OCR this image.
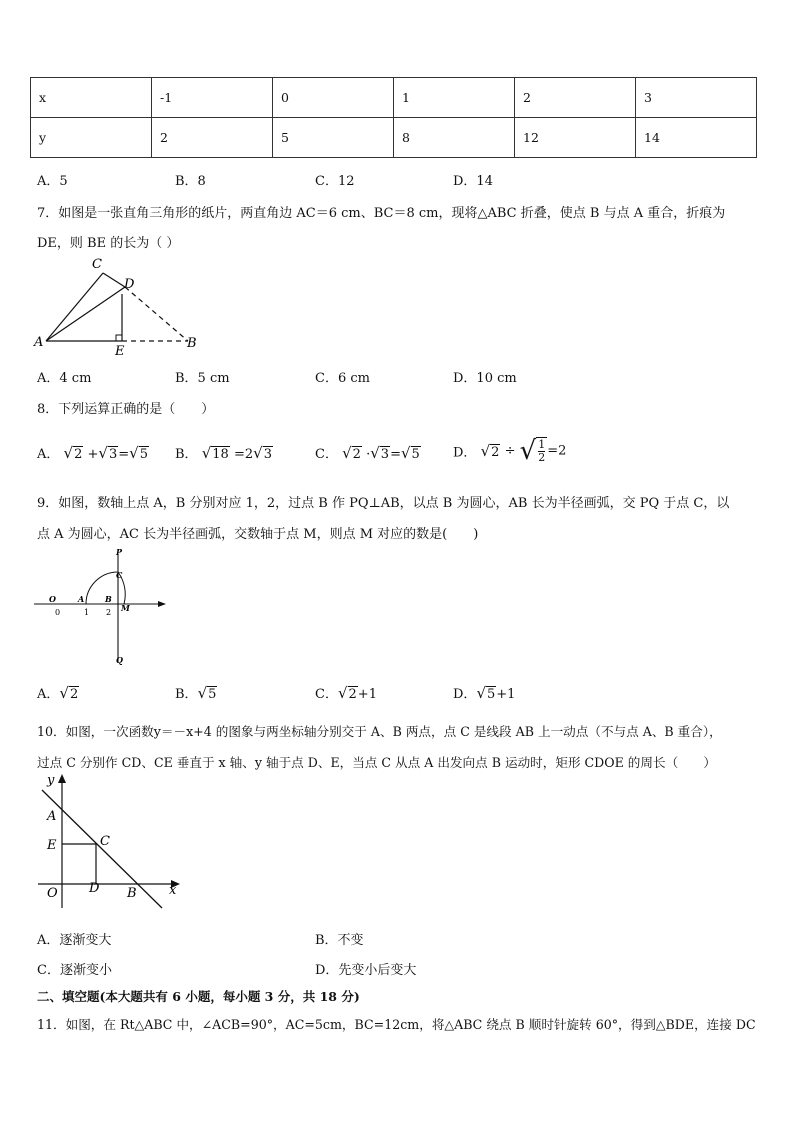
x	-1	0	1	2	3
y	2	5	8	12	14
A．5	B．8	C．12	D．14
7．如图是一张直角三角形的纸片，两直角边 AC＝6 cm、BC＝8 cm，现将△ABC 折叠，使点 B 与点 A 重合，折痕为
DE，则 BE 的长为（ ）
C
D
A
E
B
A．4 cm	B．5 cm	C．6 cm	D．10 cm
8．下列运算正确的是（　　）
A． √2 +√3=√5 B． √18 =2√3	C． √2 ·√3=√5	D． √2 ÷ √ $\frac{1}{2} =2$
9．如图，数轴上点 A，B 分别对应 1，2，过点 B 作 PQ⊥AB，以点 B 为圆心，AB 长为半径画弧，交 PQ 于点 C，以
点 A 为圆心，AC 长为半径画弧，交数轴于点 M，则点 M 对应的数是(　　)
P
C
O	A	B
M
0	1 2
Q
A．√2	B．√5	C．√2+1	D．√5+1
10．如图，一次函数y＝－x+4 的图象与两坐标轴分别交于 A、B 两点，点 C 是线段 AB 上一动点（不与点 A、B 重合），
过点 C 分别作 CD、CE 垂直于 x 轴、y 轴于点 D、E，当点 C 从点 A 出发向点 B 运动时，矩形 CDOE 的周长（　　）
y
A
E	C
O D B x
A．逐渐变大	B．不变
C．逐渐变小	D．先变小后变大
二、填空题(本大题共有 6 小题，每小题 3 分，共 18 分)
11．如图，在 Rt△ABC 中，∠ACB=90°，AC=5cm，BC=12cm，将△ABC 绕点 B 顺时针旋转 60°，得到△BDE，连接 DC
